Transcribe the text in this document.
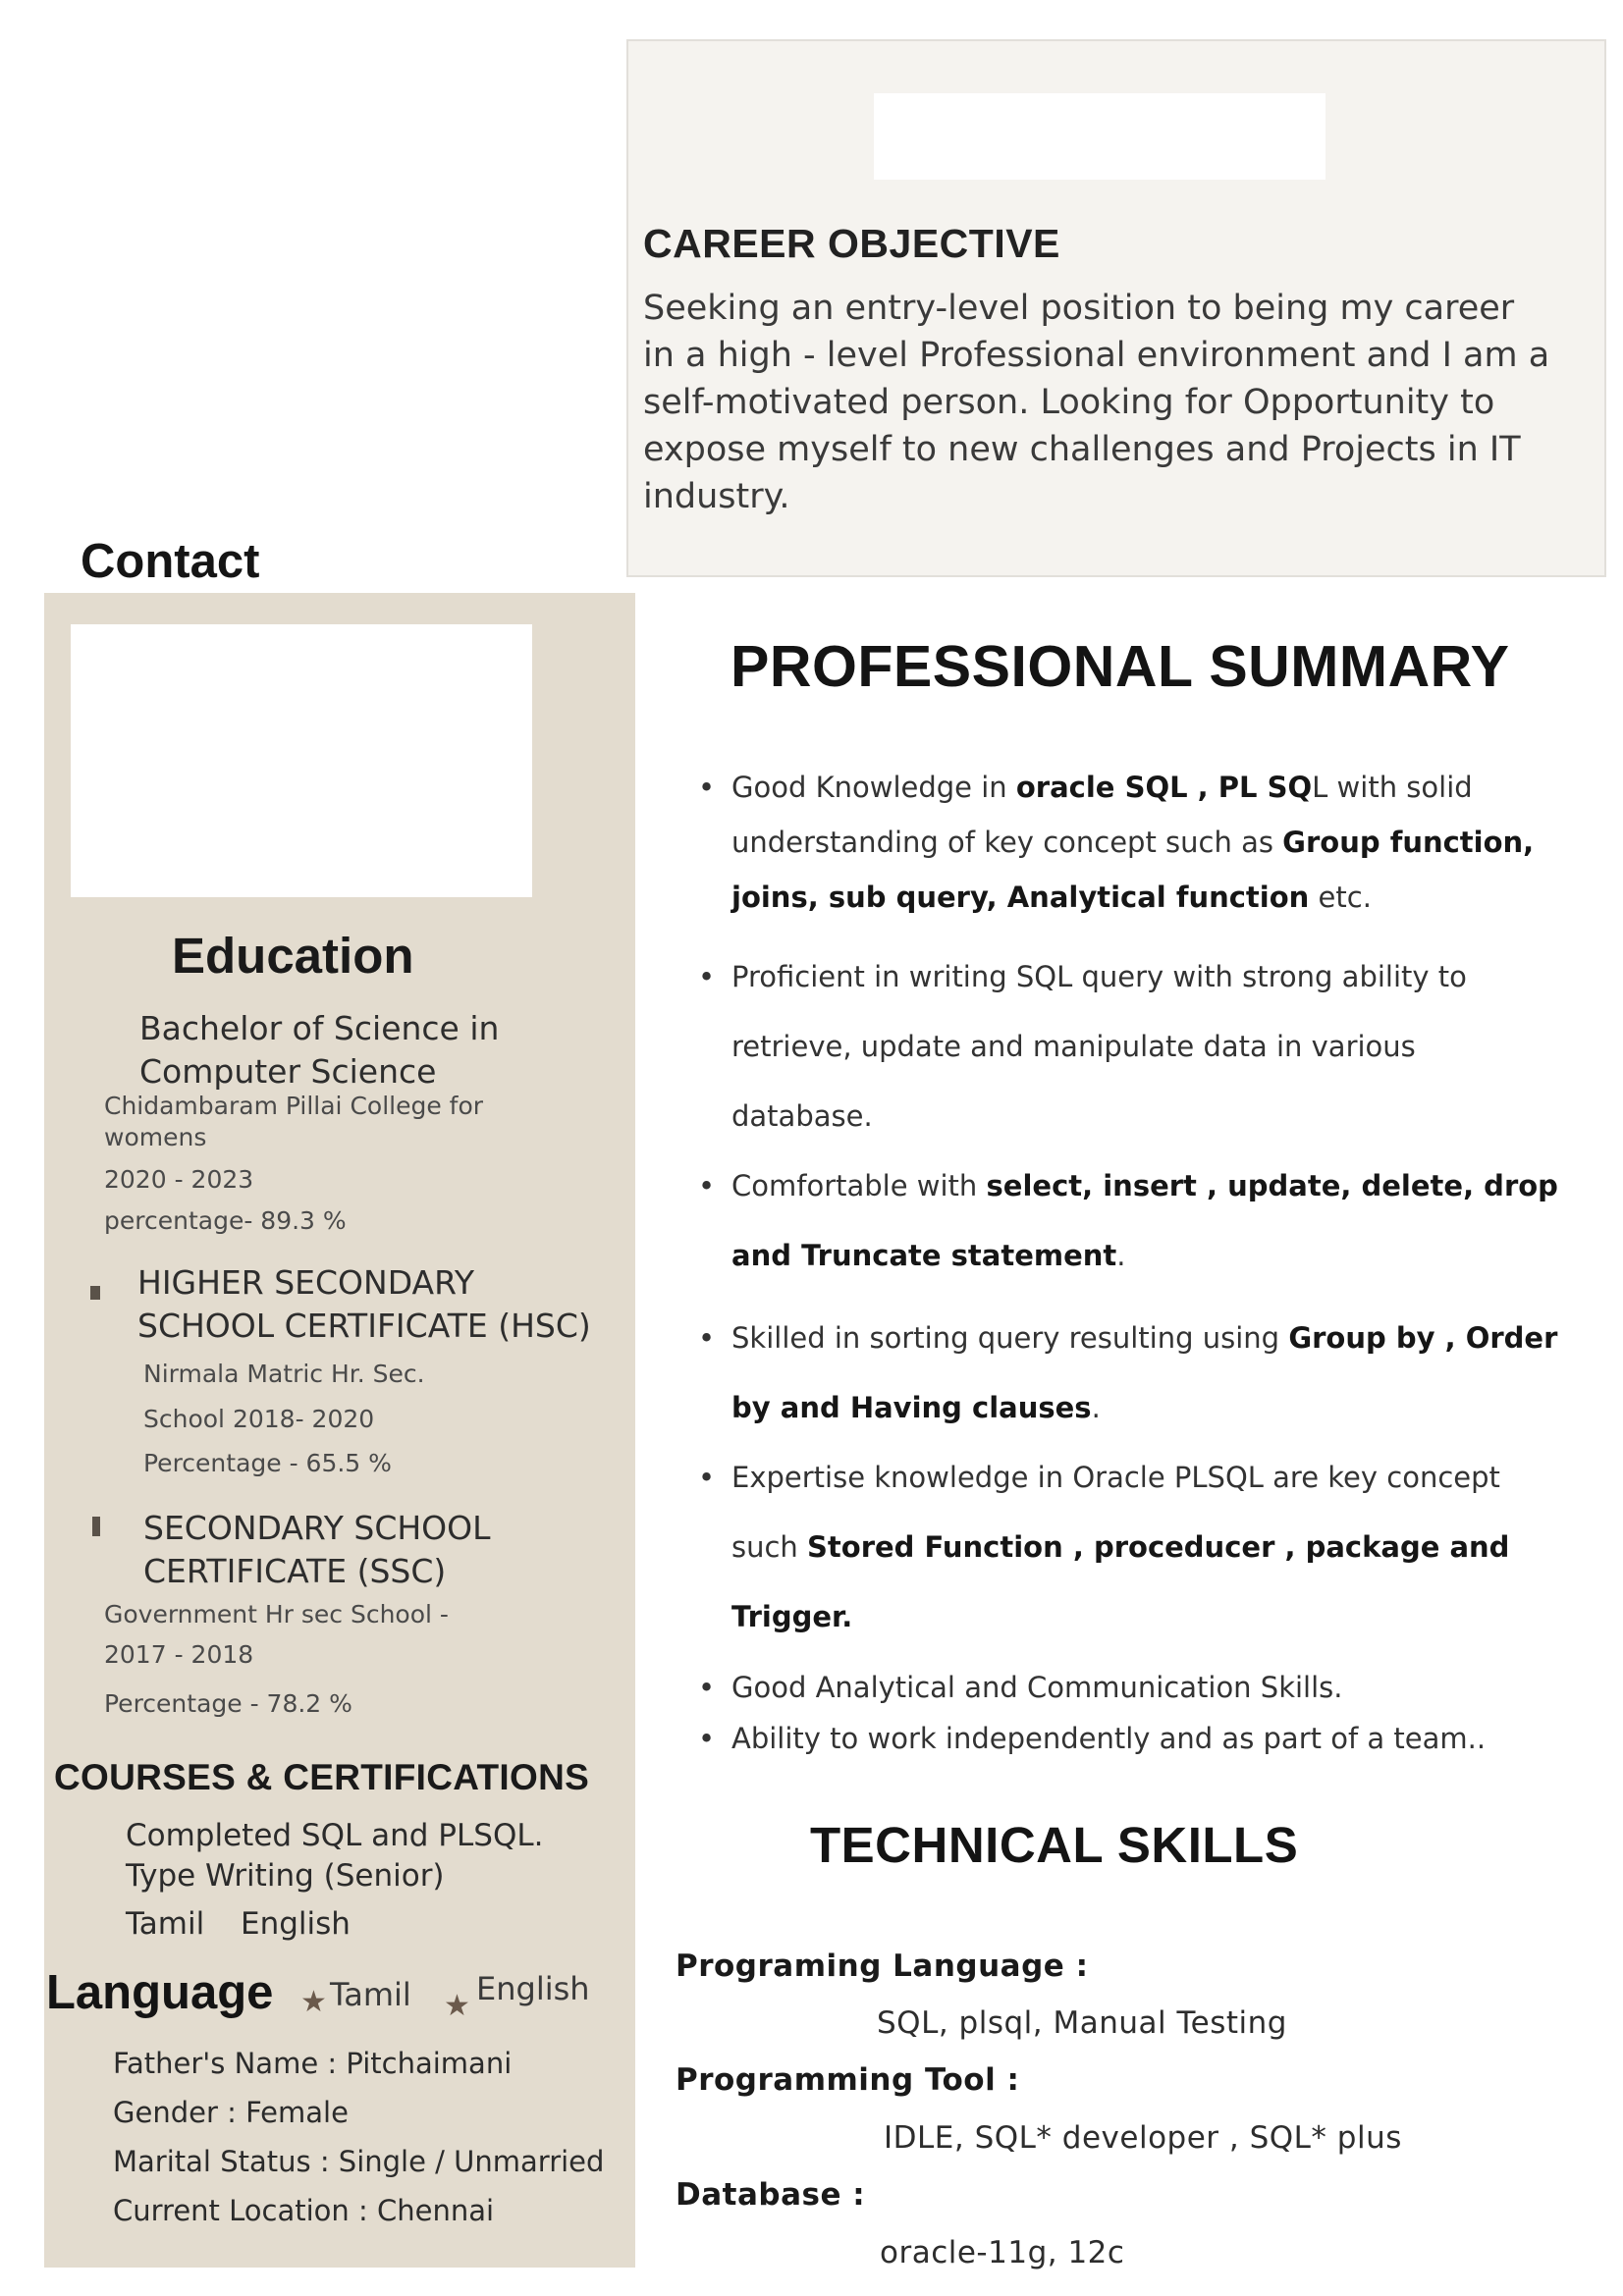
CAREER OBJECTIVE
Seeking an entry-level position to being my career
in a high - level Professional environment and I am a
self-motivated person. Looking for Opportunity to
expose myself to new challenges and Projects in IT
industry.
Contact
Education
Bachelor of Science in
Computer Science
Chidambaram Pillai College for
womens
2020 - 2023
percentage- 89.3 %
HIGHER SECONDARY
SCHOOL CERTIFICATE (HSC)
Nirmala Matric Hr. Sec.
School 2018- 2020
Percentage - 65.5 %
SECONDARY SCHOOL
CERTIFICATE (SSC)
Government Hr sec School -
2017 - 2018
Percentage - 78.2 %
COURSES & CERTIFICATIONS
Completed SQL and PLSQL.
Type Writing (Senior)
Tamil English
Language ★ Tamil ★ English
Father's Name : Pitchaimani
Gender : Female
Marital Status : Single / Unmarried
Current Location : Chennai
PROFESSIONAL SUMMARY
• Good Knowledge in oracle SQL , PL SQL with solid
understanding of key concept such as Group function,
joins, sub query, Analytical function etc.
• Proficient in writing SQL query with strong ability to
retrieve, update and manipulate data in various
database.
• Comfortable with select, insert , update, delete, drop
and Truncate statement.
• Skilled in sorting query resulting using Group by , Order
by and Having clauses.
• Expertise knowledge in Oracle PLSQL are key concept
such Stored Function , proceducer , package and
Trigger.
• Good Analytical and Communication Skills.
• Ability to work independently and as part of a team..
TECHNICAL SKILLS
Programing Language :
SQL, plsql, Manual Testing
Programming Tool :
IDLE, SQL* developer , SQL* plus
Database :
oracle-11g, 12c
